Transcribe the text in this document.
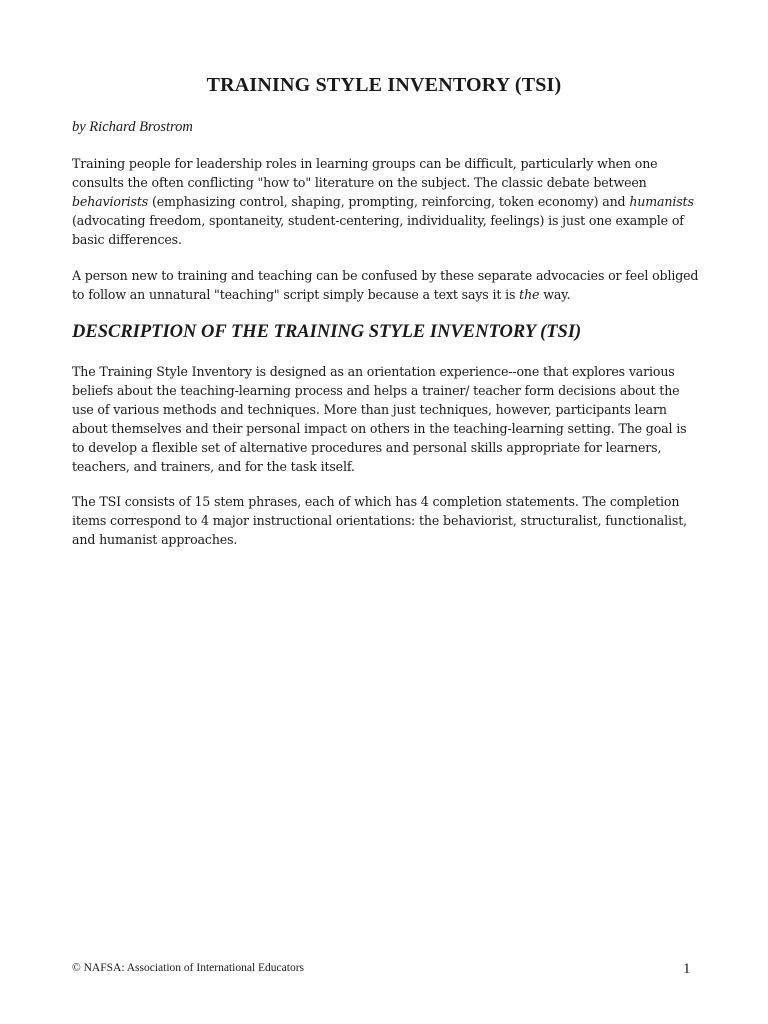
TRAINING STYLE INVENTORY (TSI)

by Richard Brostrom

Training people for leadership roles in learning groups can be difficult, particularly when one consults the often conflicting "how to" literature on the subject. The classic debate between behaviorists (emphasizing control, shaping, prompting, reinforcing, token economy) and humanists (advocating freedom, spontaneity, student-centering, individuality, feelings) is just one example of basic differences.

A person new to training and teaching can be confused by these separate advocacies or feel obliged to follow an unnatural "teaching" script simply because a text says it is the way.

DESCRIPTION OF THE TRAINING STYLE INVENTORY (TSI)

The Training Style Inventory is designed as an orientation experience--one that explores various beliefs about the teaching-learning process and helps a trainer/ teacher form decisions about the use of various methods and techniques. More than just techniques, however, participants learn about themselves and their personal impact on others in the teaching-learning setting. The goal is to develop a flexible set of alternative procedures and personal skills appropriate for learners, teachers, and trainers, and for the task itself.

The TSI consists of 15 stem phrases, each of which has 4 completion statements. The completion items correspond to 4 major instructional orientations: the behaviorist, structuralist, functionalist, and humanist approaches.

© NAFSA: Association of International Educators	1
